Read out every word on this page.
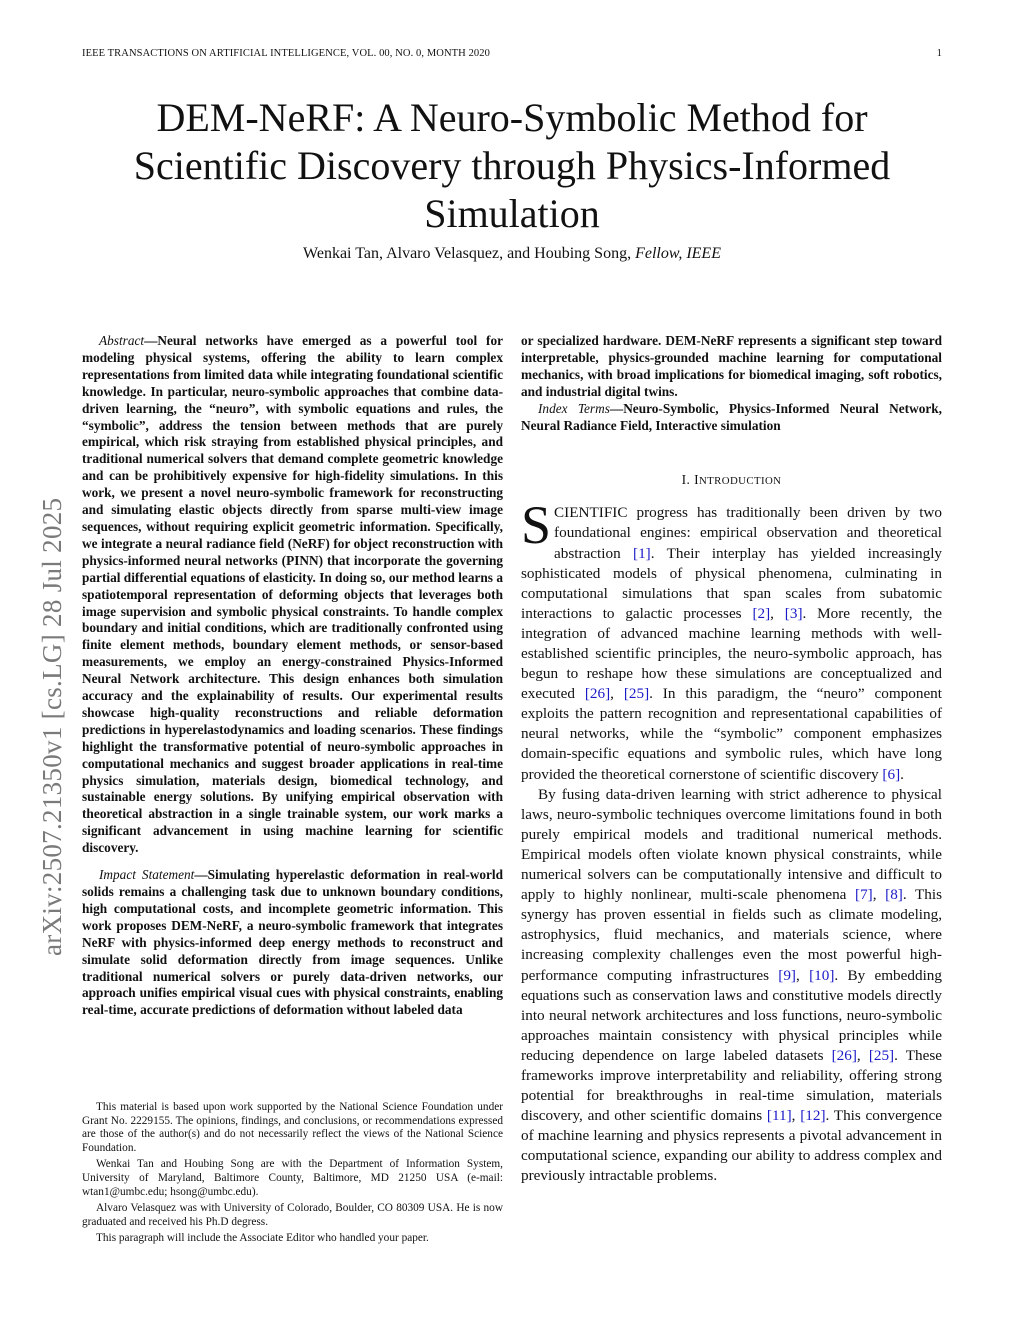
IEEE TRANSACTIONS ON ARTIFICIAL INTELLIGENCE, VOL. 00, NO. 0, MONTH 2020	1
arXiv:2507.21350v1 [cs.LG] 28 Jul 2025
DEM-NeRF: A Neuro-Symbolic Method for
Scientific Discovery through Physics-Informed
Simulation
Wenkai Tan, Alvaro Velasquez, and Houbing Song, Fellow, IEEE

Abstract—Neural networks have emerged as a powerful tool for modeling physical systems, offering the ability to learn complex representations from limited data while integrating foundational scientific knowledge. In particular, neuro-symbolic approaches that combine data-driven learning, the “neuro”, with symbolic equations and rules, the “symbolic”, address the tension between methods that are purely empirical, which risk straying from established physical principles, and traditional numerical solvers that demand complete geometric knowledge and can be prohibitively expensive for high-fidelity simulations. In this work, we present a novel neuro-symbolic framework for reconstructing and simulating elastic objects directly from sparse multi-view image sequences, without requiring explicit geometric information. Specifically, we integrate a neural radiance field (NeRF) for object reconstruction with physics-informed neural networks (PINN) that incorporate the governing partial differential equations of elasticity. In doing so, our method learns a spatiotemporal representation of deforming objects that leverages both image supervision and symbolic physical constraints. To handle complex boundary and initial conditions, which are traditionally confronted using finite element methods, boundary element methods, or sensor-based measurements, we employ an energy-constrained Physics-Informed Neural Network architecture. This design enhances both simulation accuracy and the explainability of results. Our experimental results showcase high-quality reconstructions and reliable deformation predictions in hyperelastodynamics and loading scenarios. These findings highlight the transformative potential of neuro-symbolic approaches in computational mechanics and suggest broader applications in real-time physics simulation, materials design, biomedical technology, and sustainable energy solutions. By unifying empirical observation with theoretical abstraction in a single trainable system, our work marks a significant advancement in using machine learning for scientific discovery.

Impact Statement—Simulating hyperelastic deformation in real-world solids remains a challenging task due to unknown boundary conditions, high computational costs, and incomplete geometric information. This work proposes DEM-NeRF, a neuro-symbolic framework that integrates NeRF with physics-informed deep energy methods to reconstruct and simulate solid deformation directly from image sequences. Unlike traditional numerical solvers or purely data-driven networks, our approach unifies empirical visual cues with physical constraints, enabling real-time, accurate predictions of deformation without labeled data

This material is based upon work supported by the National Science Foundation under Grant No. 2229155. The opinions, findings, and conclusions, or recommendations expressed are those of the author(s) and do not necessarily reflect the views of the National Science Foundation.

Wenkai Tan and Houbing Song are with the Department of Information System, University of Maryland, Baltimore County, Baltimore, MD 21250 USA (e-mail: wtan1@umbc.edu; hsong@umbc.edu).

Alvaro Velasquez was with University of Colorado, Boulder, CO 80309 USA. He is now graduated and received his Ph.D degress.

This paragraph will include the Associate Editor who handled your paper.

or specialized hardware. DEM-NeRF represents a significant step toward interpretable, physics-grounded machine learning for computational mechanics, with broad implications for biomedical imaging, soft robotics, and industrial digital twins.

Index Terms—Neuro-Symbolic, Physics-Informed Neural Network, Neural Radiance Field, Interactive simulation

I. INTRODUCTION

SCIENTIFIC progress has traditionally been driven by two foundational engines: empirical observation and theoretical abstraction [1]. Their interplay has yielded increasingly sophisticated models of physical phenomena, culminating in computational simulations that span scales from subatomic interactions to galactic processes [2], [3]. More recently, the integration of advanced machine learning methods with well-established scientific principles, the neuro-symbolic approach, has begun to reshape how these simulations are conceptualized and executed [26], [25]. In this paradigm, the “neuro” component exploits the pattern recognition and representational capabilities of neural networks, while the “symbolic” component emphasizes domain-specific equations and symbolic rules, which have long provided the theoretical cornerstone of scientific discovery [6].

By fusing data-driven learning with strict adherence to physical laws, neuro-symbolic techniques overcome limitations found in both purely empirical models and traditional numerical methods. Empirical models often violate known physical constraints, while numerical solvers can be computationally intensive and difficult to apply to highly nonlinear, multi-scale phenomena [7], [8]. This synergy has proven essential in fields such as climate modeling, astrophysics, fluid mechanics, and materials science, where increasing complexity challenges even the most powerful high-performance computing infrastructures [9], [10]. By embedding equations such as conservation laws and constitutive models directly into neural network architectures and loss functions, neuro-symbolic approaches maintain consistency with physical principles while reducing dependence on large labeled datasets [26], [25]. These frameworks improve interpretability and reliability, offering strong potential for breakthroughs in real-time simulation, materials discovery, and other scientific domains [11], [12]. This convergence of machine learning and physics represents a pivotal advancement in computational science, expanding our ability to address complex and previously intractable problems.
